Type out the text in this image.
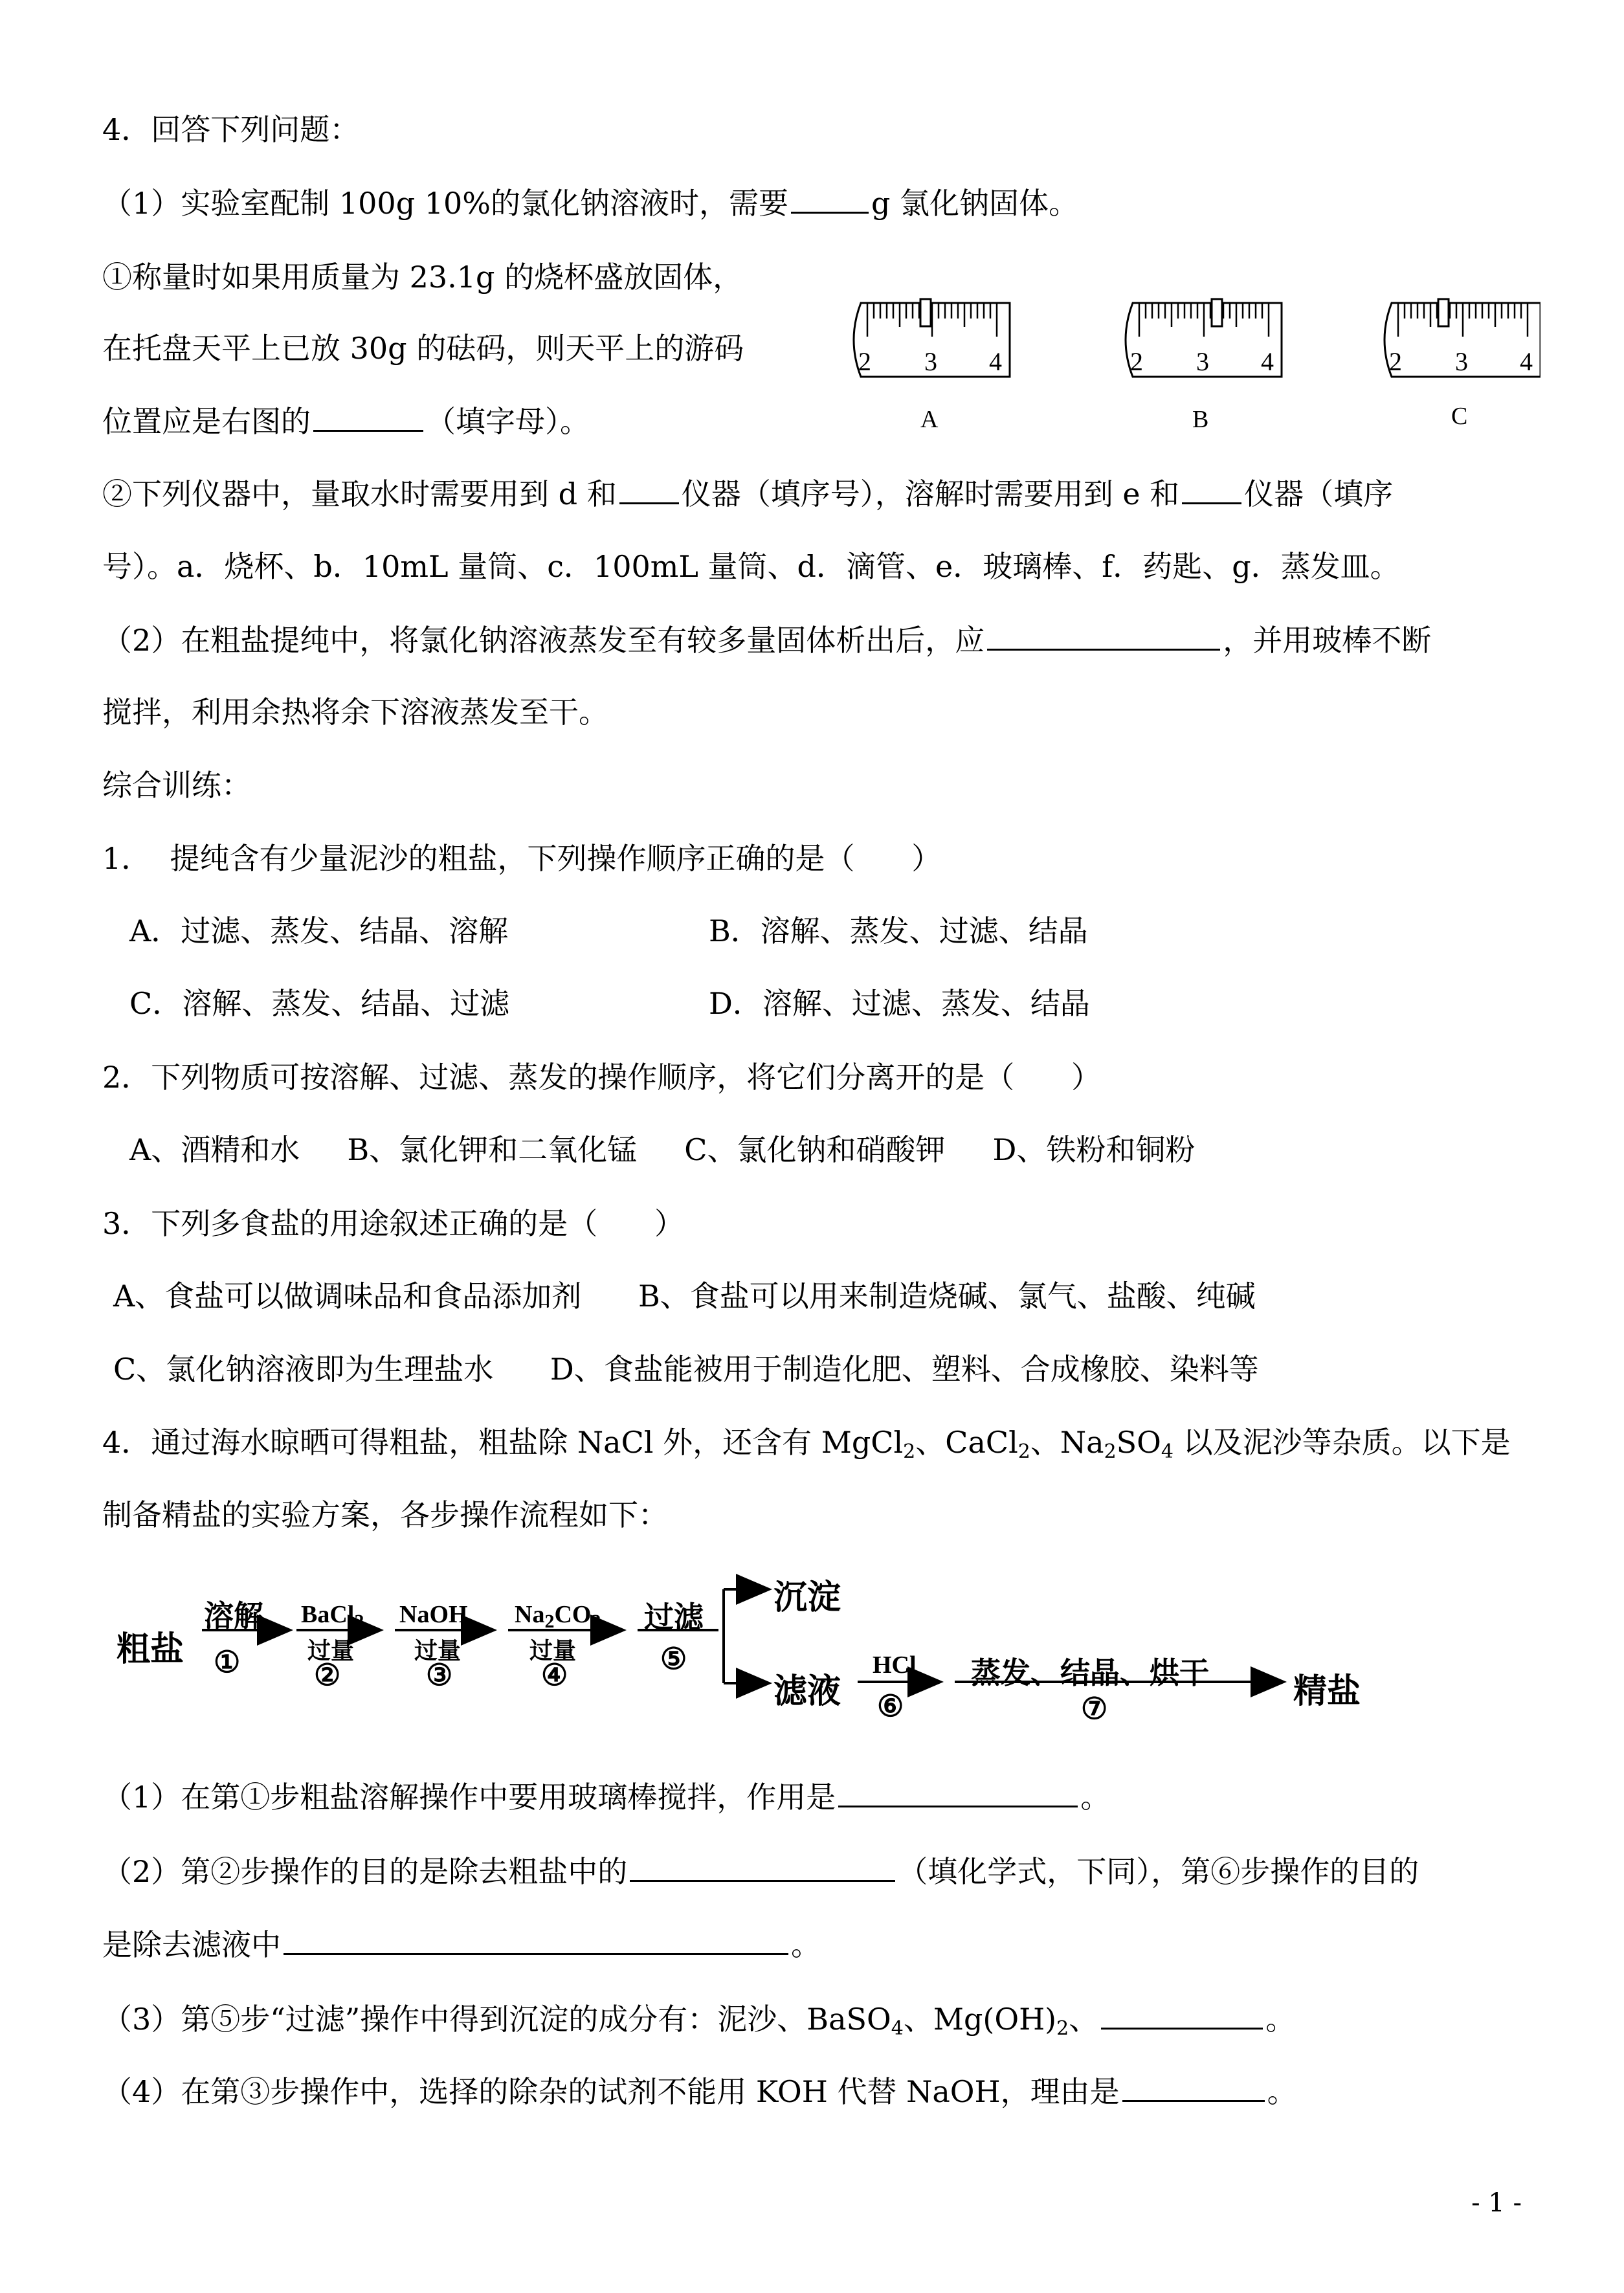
4．回答下列问题：
（1）实验室配制 100g 10%的氯化钠溶液时，需要	g 氯化钠固体。
①称量时如果用质量为 23.1g 的烧杯盛放固体，
在托盘天平上已放 30g 的砝码，则天平上的游码
位置应是右图的	（填字母）。
2 3 4
A
2 3 4
B
2 3 4
C
②下列仪器中，量取水时需要用到 d 和 仪器（填序号），溶解时需要用到 e 和 仪器（填序
号）。a．烧杯、b．10mL 量筒、c．100mL 量筒、d．滴管、e．玻璃棒、f．药匙、g．蒸发皿。
（2）在粗盐提纯中，将氯化钠溶液蒸发至有较多量固体析出后，应	，并用玻棒不断
搅拌，利用余热将余下溶液蒸发至干。
综合训练：
1．  提纯含有少量泥沙的粗盐，下列操作顺序正确的是（      ）
A．过滤、蒸发、结晶、溶解	B．溶解、蒸发、过滤、结晶
C．溶解、蒸发、结晶、过滤	D．溶解、过滤、蒸发、结晶
2．下列物质可按溶解、过滤、蒸发的操作顺序，将它们分离开的是（      ）
A、酒精和水     B、氯化钾和二氧化锰     C、氯化钠和硝酸钾     D、铁粉和铜粉
3．下列多食盐的用途叙述正确的是（      ）
A、食盐可以做调味品和食品添加剂      B、食盐可以用来制造烧碱、氯气、盐酸、纯碱
C、氯化钠溶液即为生理盐水      D、食盐能被用于制造化肥、塑料、合成橡胶、染料等
4．通过海水晾晒可得粗盐，粗盐除 NaCl 外，还含有 MgCl$_2$、CaCl$_2$、$Na_2SO_4$ 以及泥沙等杂质。以下是
制备精盐的实验方案，各步操作流程如下：
粗盐
溶解
①
BaCl$_2$
过量
②
NaOH
过量
③
$Na_2CO_3$
过量
④
过滤
⑤
沉淀
滤液
HCl
⑥
蒸发、结晶、烘干
⑦	精盐
（1）在第①步粗盐溶解操作中要用玻璃棒搅拌，作用是	。
（2）第②步操作的目的是除去粗盐中的	（填化学式，下同），第⑥步操作的目的
是除去滤液中	。
（3）第⑤步“过滤”操作中得到沉淀的成分有：泥沙、BaSO$_4$、$Mg(OH)_2$、	。
（4）在第③步操作中，选择的除杂的试剂不能用 KOH 代替 NaOH，理由是	。
- 1 -
